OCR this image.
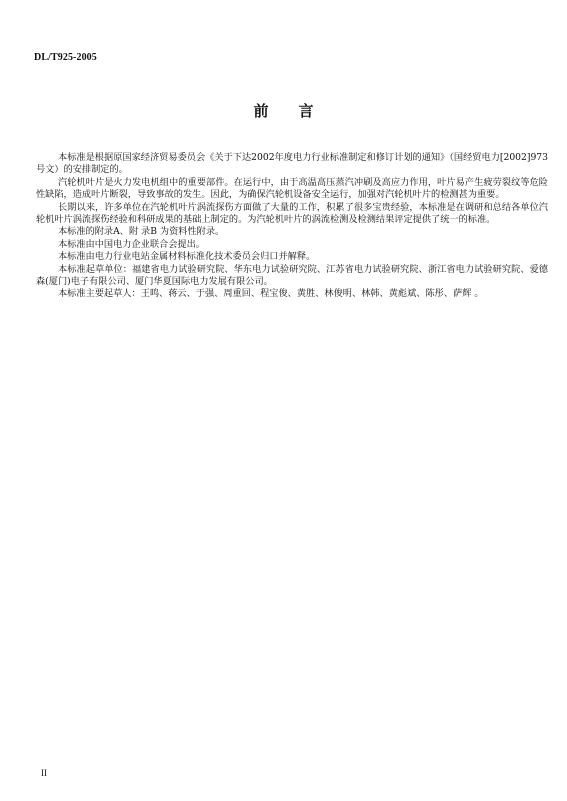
DL/T925-2005
前 言

本标准是根据原国家经济贸易委员会《关于下达2002年度电力行业标准制定和修订计划的通知》（国经贸电力[2002]973号文）的安排制定的。

汽轮机叶片是火力发电机组中的重要部件。在运行中，由于高温高压蒸汽冲刷及高应力作用，叶片易产生疲劳裂纹等危险性缺陷，造成叶片断裂，导致事故的发生。因此，为确保汽轮机设备安全运行，加强对汽轮机叶片的检测甚为重要。

长期以来，许多单位在汽轮机叶片涡流探伤方面做了大量的工作，积累了很多宝贵经验，本标准是在调研和总结各单位汽轮机叶片涡流探伤经验和科研成果的基础上制定的。为汽轮机叶片的涡流检测及检测结果评定提供了统一的标准。

本标准的附录A、附 录B 为资料性附录。

本标准由中国电力企业联合会提出。

本标准由电力行业电站金属材料标准化技术委员会归口并解释。

本标准起草单位：福建省电力试验研究院、华东电力试验研究院、江苏省电力试验研究院、浙江省电力试验研究院、爱德森(厦门)电子有限公司、厦门华夏国际电力发展有限公司。

本标准主要起草人：王鸣、蒋云、于强、周重回、程宝俊、黄胜、林俊明、林韩、黄彪斌、陈彤、萨辉 。

II
